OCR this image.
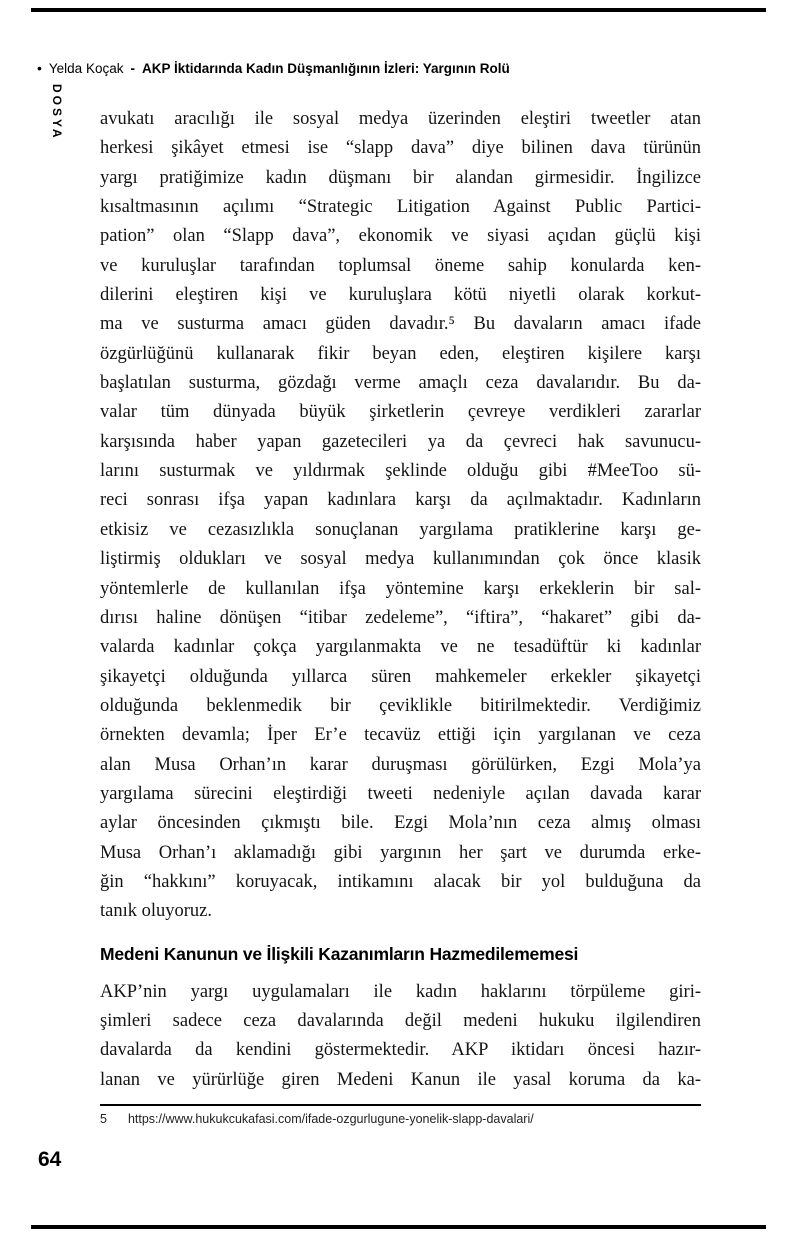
• Yelda Koçak - AKP İktidarında Kadın Düşmanlığının İzleri: Yargının Rolü
DOSYA avukatı aracılığı ile sosyal medya üzerinden eleştiri tweetler atan
herkesi şikâyet etmesi ise “slapp dava” diye bilinen dava türünün
yargı pratiğimize kadın düşmanı bir alandan girmesidir. İngilizce
kısaltmasının açılımı “Strategic Litigation Against Public Partici-
pation” olan “Slapp dava”, ekonomik ve siyasi açıdan güçlü kişi
ve kuruluşlar tarafından toplumsal öneme sahip konularda ken-
dilerini eleştiren kişi ve kuruluşlara kötü niyetli olarak korkut-
ma ve susturma amacı güden davadır.⁵ Bu davaların amacı ifade
özgürlüğünü kullanarak fikir beyan eden, eleştiren kişilere karşı
başlatılan susturma, gözdağı verme amaçlı ceza davalarıdır. Bu da-
valar tüm dünyada büyük şirketlerin çevreye verdikleri zararlar
karşısında haber yapan gazetecileri ya da çevreci hak savunucu-
larını susturmak ve yıldırmak şeklinde olduğu gibi #MeeToo sü-
reci sonrası ifşa yapan kadınlara karşı da açılmaktadır. Kadınların
etkisiz ve cezasızlıkla sonuçlanan yargılama pratiklerine karşı ge-
liştirmiş oldukları ve sosyal medya kullanımından çok önce klasik
yöntemlerle de kullanılan ifşa yöntemine karşı erkeklerin bir sal-
dırısı haline dönüşen “itibar zedeleme”, “iftira”, “hakaret” gibi da-
valarda kadınlar çokça yargılanmakta ve ne tesadüftür ki kadınlar
şikayetçi olduğunda yıllarca süren mahkemeler erkekler şikayetçi
olduğunda beklenmedik bir çeviklikle bitirilmektedir. Verdiğimiz
örnekten devamla; İper Er’e tecavüz ettiği için yargılanan ve ceza
alan Musa Orhan’ın karar duruşması görülürken, Ezgi Mola’ya
yargılama sürecini eleştirdiği tweeti nedeniyle açılan davada karar
aylar öncesinden çıkmıştı bile. Ezgi Mola’nın ceza almış olması
Musa Orhan’ı aklamadığı gibi yargının her şart ve durumda erke-
ğin “hakkını” koruyacak, intikamını alacak bir yol bulduğuna da
tanık oluyoruz.
Medeni Kanunun ve İlişkili Kazanımların Hazmedilememesi
AKP’nin yargı uygulamaları ile kadın haklarını törpüleme giri-
şimleri sadece ceza davalarında değil medeni hukuku ilgilendiren
davalarda da kendini göstermektedir. AKP iktidarı öncesi hazır-
lanan ve yürürlüğe giren Medeni Kanun ile yasal koruma da ka-
5 https://www.hukukcukafasi.com/ifade-ozgurlugune-yonelik-slapp-davalari/
64
